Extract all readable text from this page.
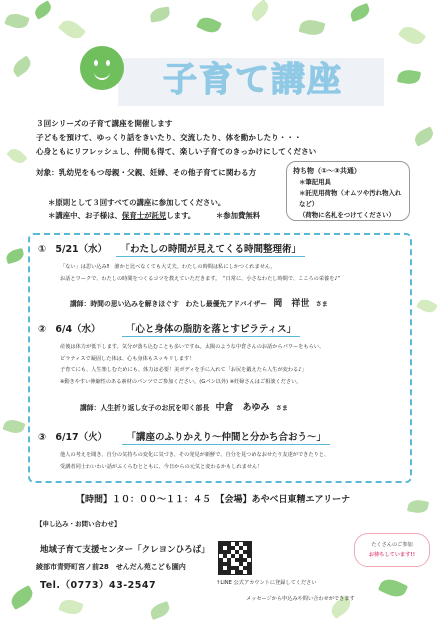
子育て講座
３回シリーズの子育て講座を開催します
子どもを預けて、ゆっくり話をきいたり、交流したり、体を動かしたり・・・
心身ともにリフレッシュし、仲間も得て、楽しい子育てのきっかけにしてください
対象：乳幼児をもつ母親・父親、妊婦、その他子育てに関わる方
＊原則として３回すべての講座に参加してください。
＊講座中、お子様は、保育士が託児します。	＊参加費無料
持ち物（①～③共通）
＊筆記用具
＊託児用荷物（オムツや汚れ物入れなど）
（荷物に名札をつけてください）
① 5/21（水） 「わたしの時間が見えてくる時間整理術」
「ない」は思い込み‼　誰かと比べなくても大丈夫。わたしの時間は私にしかつくれません。
お話とワークで、わたしの時間をつくるコツを教えていただきます。　“日常に、小さなわたし時間で、こころの栄養を♪”
講師：時間の思い込みを解きほぐす　わたし最優先アドバイザー 岡　祥世 さま
② 6/4（水）	「心と身体の脂肪を落とすピラティス」
産後は体力が低下します。気分が落ち込むことも多いですね。太陽のような中倉さんのお話からパワーをもらい、
ピラティスで凝固した体は、心も身体もスッキリします！
子育てにも、人生楽しむためにも、体力は必要！美ボディを手に入れて「お尻を鍛えたら人生が変わる♪」
※動きやすい伸縮性のある素材のパンツでご参加ください。(Gパン以外) ※妊婦さんはご相談ください。
講師：人生折り返し女子のお尻を叩く部長 中倉　あゆみ さま
③ 6/17（火） 「講座のふりかえり～仲間と分かち合おう～」
他人の考えを聞き、自分の気持ちの変化に気づき、その発見が新鮮で、自分を見つめなおせたり友達ができたりと、
受講者同士わいわい話がふくらむとともに、今日からの元気と変わるかもしれません！
【時間】１０：００～１１：４５　【会場】あやべ日東精エアリーナ
【申し込み・お問い合わせ】
地域子育て支援センター「クレヨンひろば」
綾部市青野町宮ノ前28　せんだん苑こども園内
Tel.（0773）43-2547	↑LINE 公式アカウントに登録してください
メッセージから申込みや問い合わせができます
たくさんのご参加
お待ちしています!!
